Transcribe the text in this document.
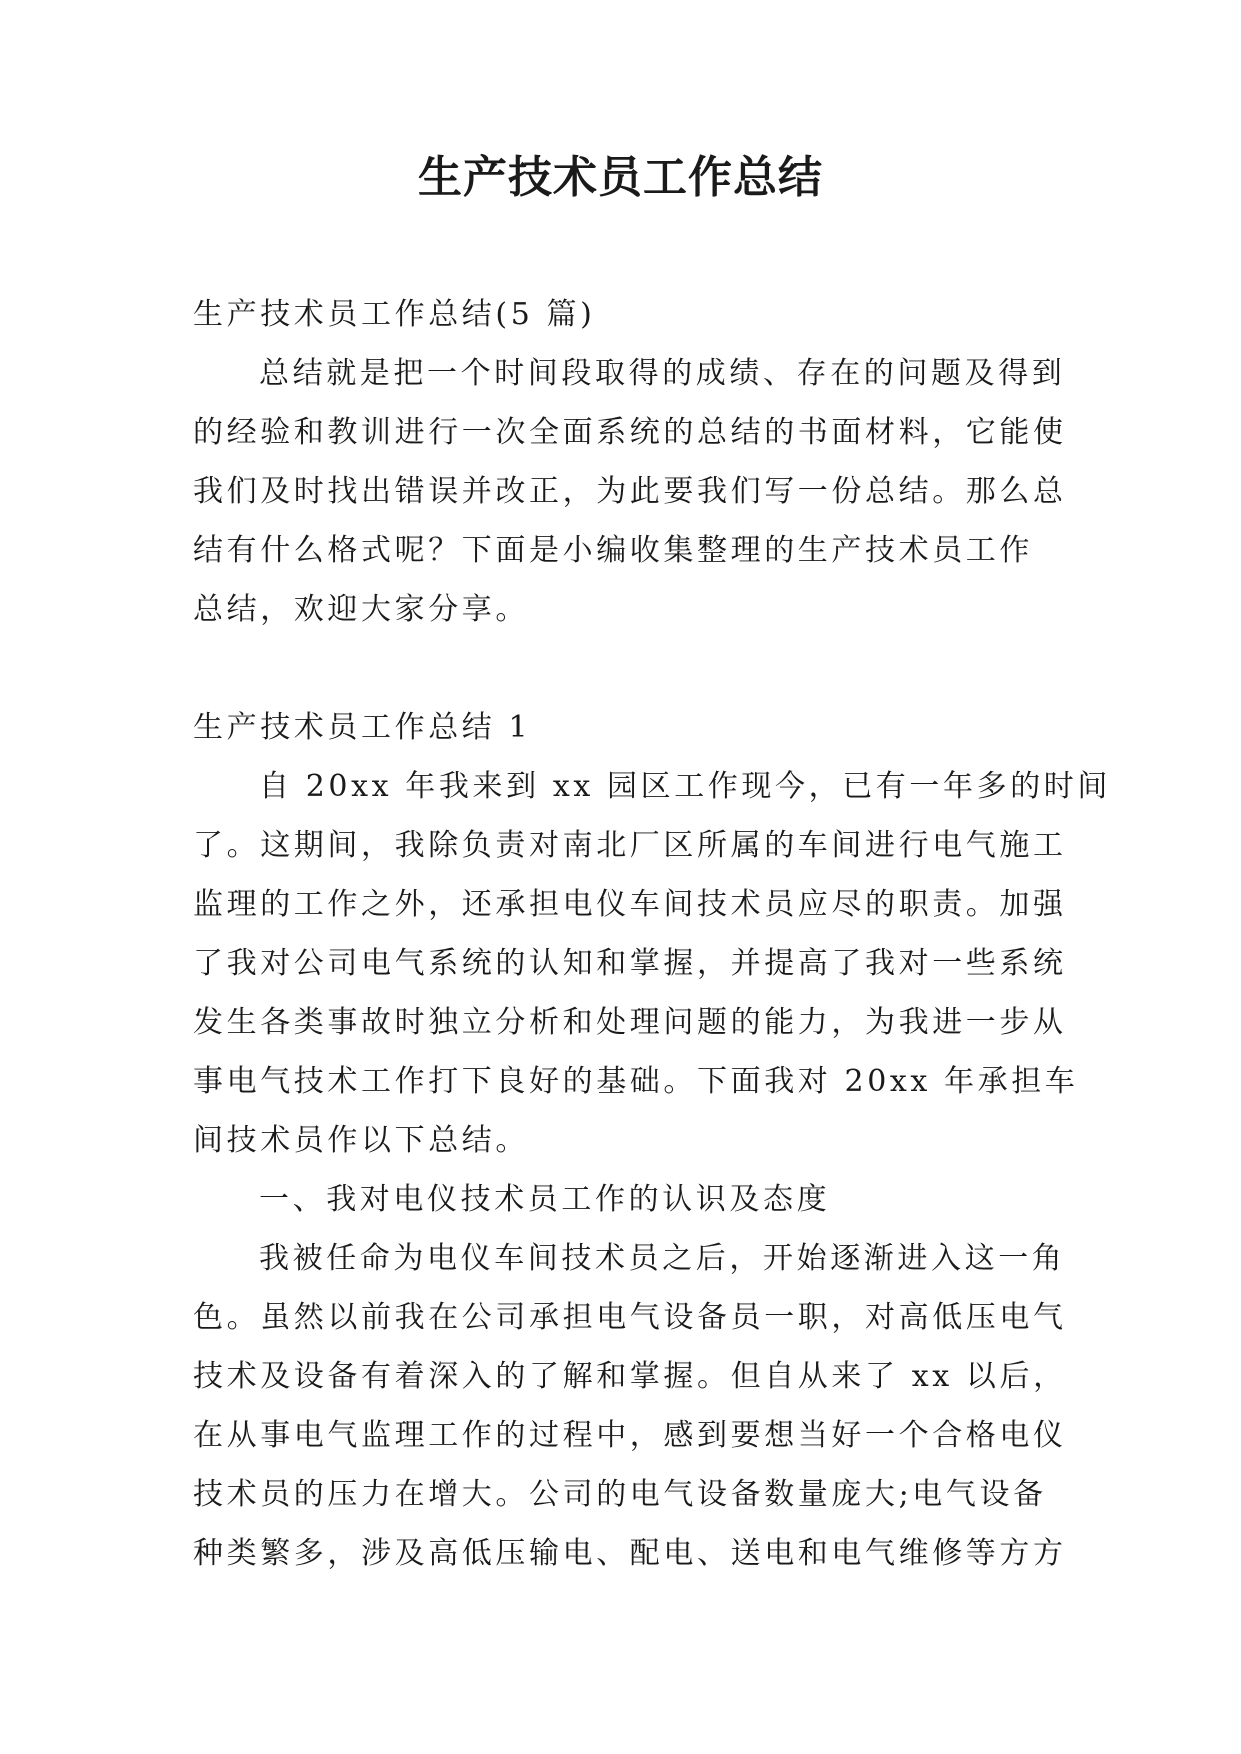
生产技术员工作总结
生产技术员工作总结(5 篇)
总结就是把一个时间段取得的成绩、存在的问题及得到
的经验和教训进行一次全面系统的总结的书面材料，它能使
我们及时找出错误并改正，为此要我们写一份总结。那么总
结有什么格式呢？下面是小编收集整理的生产技术员工作
总结，欢迎大家分享。
生产技术员工作总结 1
自 20xx 年我来到 xx 园区工作现今，已有一年多的时间
了。这期间，我除负责对南北厂区所属的车间进行电气施工
监理的工作之外，还承担电仪车间技术员应尽的职责。加强
了我对公司电气系统的认知和掌握，并提高了我对一些系统
发生各类事故时独立分析和处理问题的能力，为我进一步从
事电气技术工作打下良好的基础。下面我对 20xx 年承担车
间技术员作以下总结。
一、我对电仪技术员工作的认识及态度
我被任命为电仪车间技术员之后，开始逐渐进入这一角
色。虽然以前我在公司承担电气设备员一职，对高低压电气
技术及设备有着深入的了解和掌握。但自从来了 xx 以后，
在从事电气监理工作的过程中，感到要想当好一个合格电仪
技术员的压力在增大。公司的电气设备数量庞大;电气设备
种类繁多，涉及高低压输电、配电、送电和电气维修等方方
